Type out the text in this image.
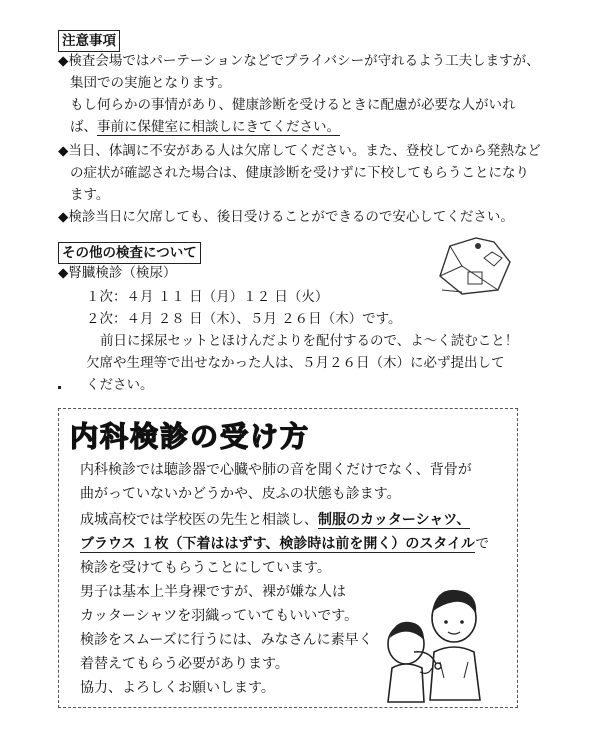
注意事項
◆検査会場ではパーテーションなどでプライバシーが守れるよう工夫しますが、
集団での実施となります。
もし何らかの事情があり、健康診断を受けるときに配慮が必要な人がいれ
ば、事前に保健室に相談しにきてください。
◆当日、体調に不安がある人は欠席してください。また、登校してから発熱など
の症状が確認された場合は、健康診断を受けずに下校してもらうことになり
ます。
◆検診当日に欠席しても、後日受けることができるので安心してください。
その他の検査について
◆腎臓検診（検尿）
１次：４月 １１ 日（月）１２ 日（火）
２次：４月 ２８ 日（木）、５月 ２６日（木）です。
前日に採尿セットとほけんだよりを配付するので、よ～く読むこと！
欠席や生理等で出せなかった人は、５月２６日（木）に必ず提出して
ください。
内科検診の受け方
内科検診では聴診器で心臓や肺の音を聞くだけでなく、背骨が
曲がっていないかどうかや、皮ふの状態も診ます。
成城高校では学校医の先生と相談し、制服のカッターシャツ、
ブラウス １枚（下着ははずす、検診時は前を開く）のスタイルで
検診を受けてもらうことにしています。
男子は基本上半身裸ですが、裸が嫌な人は
カッターシャツを羽織っていてもいいです。
検診をスムーズに行うには、みなさんに素早く
着替えてもらう必要があります。
協力、よろしくお願いします。
